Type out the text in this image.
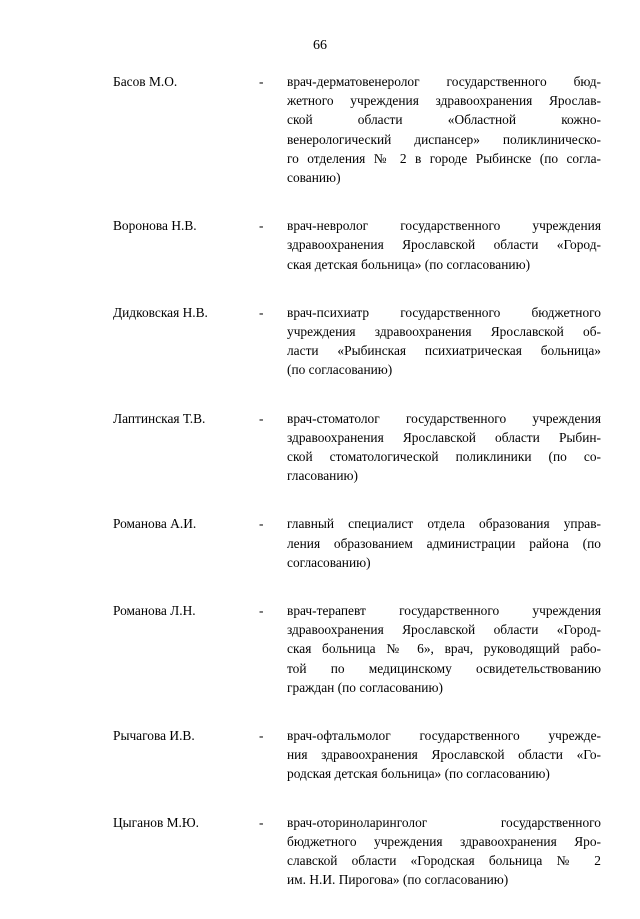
66
Басов М.О.	- врач-дерматовенеролог государственного бюд-
жетного учреждения здравоохранения Ярослав-
ской области «Областной кожно-
венерологический диспансер» поликлиническо-
го отделения № 2 в городе Рыбинске (по согла-
сованию)
Воронова Н.В.	- врач-невролог государственного учреждения
здравоохранения Ярославской области «Город-
ская детская больница» (по согласованию)
Дидковская Н.В.	- врач-психиатр государственного бюджетного
учреждения здравоохранения Ярославской об-
ласти «Рыбинская психиатрическая больница»
(по согласованию)
Лаптинская Т.В.	- врач-стоматолог государственного учреждения
здравоохранения Ярославской области Рыбин-
ской стоматологической поликлиники (по со-
гласованию)
Романова А.И.	- главный специалист отдела образования управ-
ления образованием администрации района (по
согласованию)
Романова Л.Н.	- врач-терапевт государственного учреждения
здравоохранения Ярославской области «Город-
ская больница № 6», врач, руководящий рабо-
той по медицинскому освидетельствованию
граждан (по согласованию)
Рычагова И.В.	- врач-офтальмолог государственного учрежде-
ния здравоохранения Ярославской области «Го-
родская детская больница» (по согласованию)
Цыганов М.Ю.	- врач-оториноларинголог государственного
бюджетного учреждения здравоохранения Яро-
славской области «Городская больница № 2
им. Н.И. Пирогова» (по согласованию)
